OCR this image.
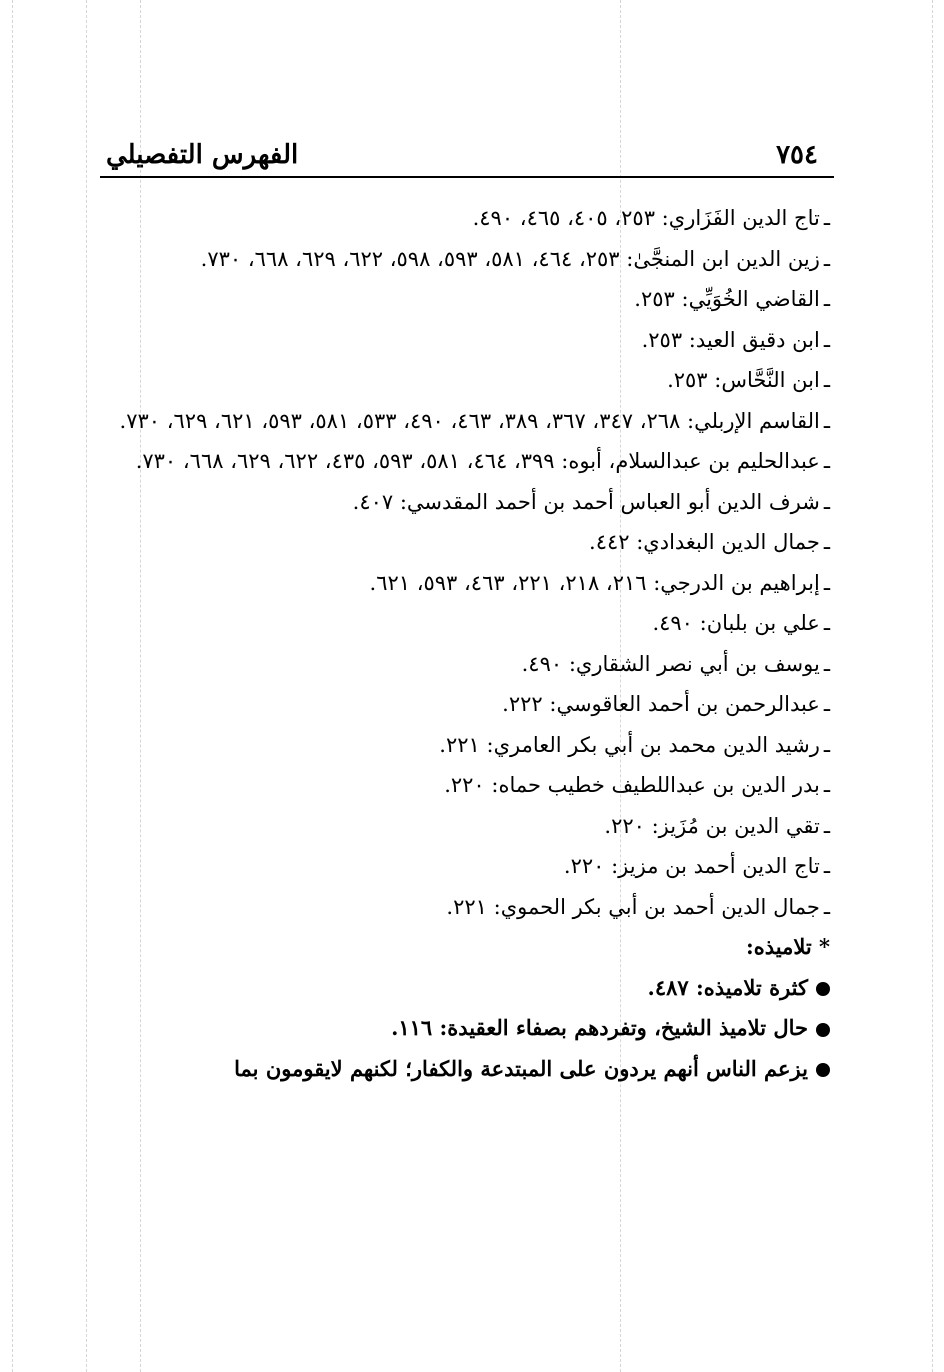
الفهرس التفصيلي	٧٥٤

ـتاج الدين الفَزَاري: ٢٥٣، ٤٠٥، ٤٦٥، ٤٩٠.

ـزين الدين ابن المنجَّىٰ: ٢٥٣، ٤٦٤، ٥٨١، ٥٩٣، ٥٩٨، ٦٢٢، ٦٢٩، ٦٦٨، ٧٣٠.

ـالقاضي الخُوَيِّي: ٢٥٣.

ـابن دقيق العيد: ٢٥٣.

ـابن النَّحَّاس: ٢٥٣.

ـالقاسم الإربلي: ٢٦٨، ٣٤٧، ٣٦٧، ٣٨٩، ٤٦٣، ٤٩٠، ٥٣٣، ٥٨١، ٥٩٣، ٦٢١، ٦٢٩، ٧٣٠.

ـعبدالحليم بن عبدالسلام، أبوه: ٣٩٩، ٤٦٤، ٥٨١، ٥٩٣، ٤٣٥، ٦٢٢، ٦٢٩، ٦٦٨، ٧٣٠.

ـشرف الدين أبو العباس أحمد بن أحمد المقدسي: ٤٠٧.

ـجمال الدين البغدادي: ٤٤٢.

ـإبراهيم بن الدرجي: ٢١٦، ٢١٨، ٢٢١، ٤٦٣، ٥٩٣، ٦٢١.

ـعلي بن بلبان: ٤٩٠.

ـيوسف بن أبي نصر الشقاري: ٤٩٠.

ـعبدالرحمن بن أحمد العاقوسي: ٢٢٢.

ـرشيد الدين محمد بن أبي بكر العامري: ٢٢١.

ـبدر الدين بن عبداللطيف خطيب حماه: ٢٢٠.

ـتقي الدين بن مُزَيز: ٢٢٠.

ـتاج الدين أحمد بن مزيز: ٢٢٠.

ـجمال الدين أحمد بن أبي بكر الحموي: ٢٢١.

* تلاميذه:

كثرة تلاميذه: ٤٨٧.

حال تلاميذ الشيخ، وتفردهم بصفاء العقيدة: ١١٦.

يزعم الناس أنهم يردون على المبتدعة والكفار؛ لكنهم لايقومون بما
